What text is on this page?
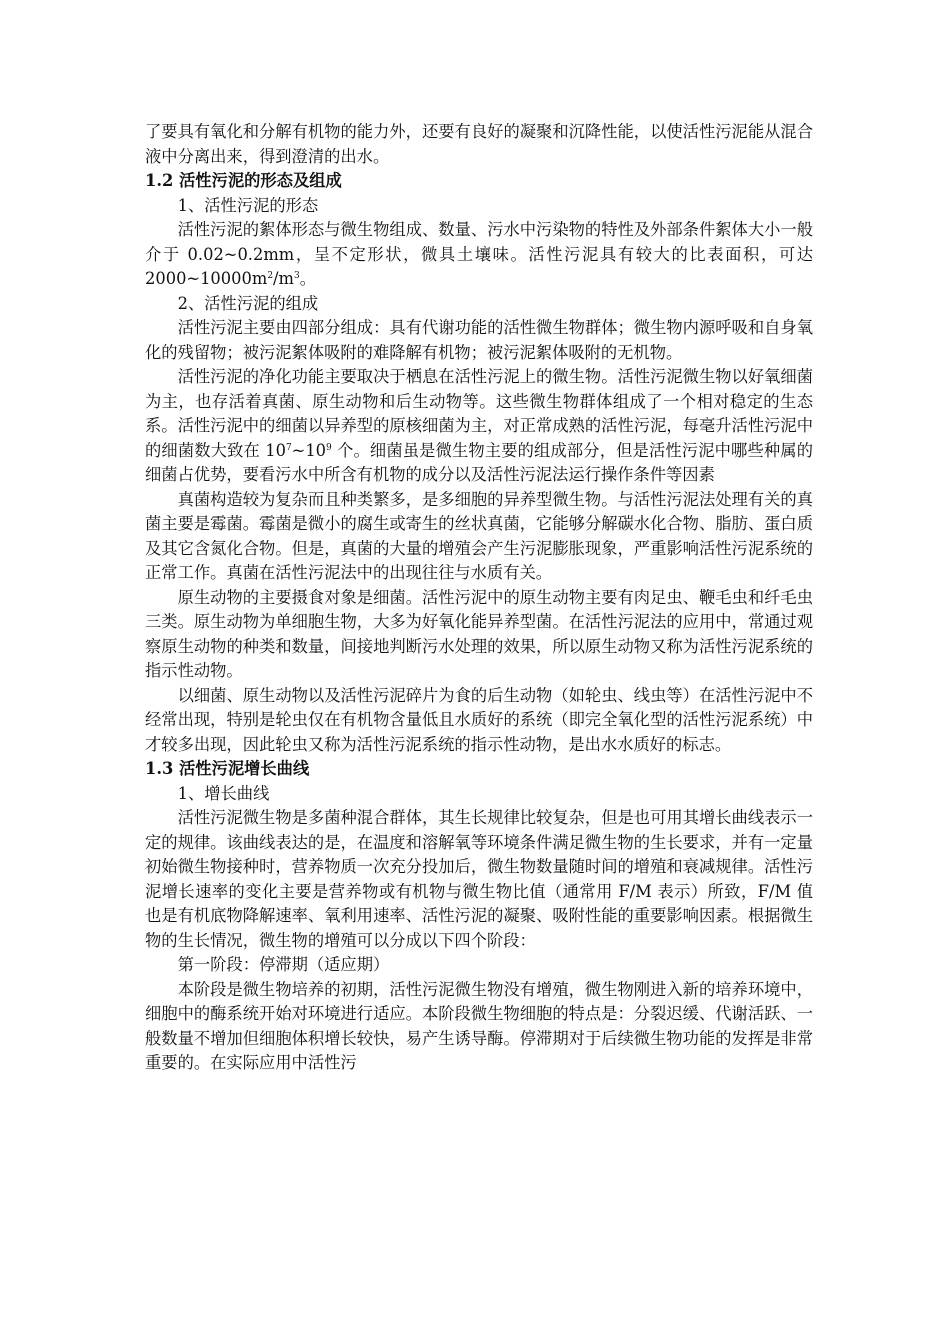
了要具有氧化和分解有机物的能力外，还要有良好的凝聚和沉降性能，以使活性污泥能从混合液中分离出来，得到澄清的出水。

1.2 活性污泥的形态及组成

1、活性污泥的形态

活性污泥的絮体形态与微生物组成、数量、污水中污染物的特性及外部条件絮体大小一般介于 0.02~0.2mm，呈不定形状，微具土壤味。活性污泥具有较大的比表面积，可达 $2000\sim 10000m^2/m^3$。

2、活性污泥的组成

活性污泥主要由四部分组成：具有代谢功能的活性微生物群体；微生物内源呼吸和自身氧化的残留物；被污泥絮体吸附的难降解有机物；被污泥絮体吸附的无机物。

活性污泥的净化功能主要取决于栖息在活性污泥上的微生物。活性污泥微生物以好氧细菌为主，也存活着真菌、原生动物和后生动物等。这些微生物群体组成了一个相对稳定的生态系。活性污泥中的细菌以异养型的原核细菌为主，对正常成熟的活性污泥，每毫升活性污泥中的细菌数大致在 $10^7\sim 10^9$ 个。细菌虽是微生物主要的组成部分，但是活性污泥中哪些种属的细菌占优势，要看污水中所含有机物的成分以及活性污泥法运行操作条件等因素

真菌构造较为复杂而且种类繁多，是多细胞的异养型微生物。与活性污泥法处理有关的真菌主要是霉菌。霉菌是微小的腐生或寄生的丝状真菌，它能够分解碳水化合物、脂肪、蛋白质及其它含氮化合物。但是，真菌的大量的增殖会产生污泥膨胀现象，严重影响活性污泥系统的正常工作。真菌在活性污泥法中的出现往往与水质有关。

原生动物的主要摄食对象是细菌。活性污泥中的原生动物主要有肉足虫、鞭毛虫和纤毛虫三类。原生动物为单细胞生物，大多为好氧化能异养型菌。在活性污泥法的应用中，常通过观察原生动物的种类和数量，间接地判断污水处理的效果，所以原生动物又称为活性污泥系统的指示性动物。

以细菌、原生动物以及活性污泥碎片为食的后生动物（如轮虫、线虫等）在活性污泥中不经常出现，特别是轮虫仅在有机物含量低且水质好的系统（即完全氧化型的活性污泥系统）中才较多出现，因此轮虫又称为活性污泥系统的指示性动物，是出水水质好的标志。

1.3 活性污泥增长曲线

1、增长曲线

活性污泥微生物是多菌种混合群体，其生长规律比较复杂，但是也可用其增长曲线表示一定的规律。该曲线表达的是，在温度和溶解氧等环境条件满足微生物的生长要求，并有一定量初始微生物接种时，营养物质一次充分投加后，微生物数量随时间的增殖和衰减规律。活性污泥增长速率的变化主要是营养物或有机物与微生物比值（通常用 F/M 表示）所致，F/M 值也是有机底物降解速率、氧利用速率、活性污泥的凝聚、吸附性能的重要影响因素。根据微生物的生长情况，微生物的增殖可以分成以下四个阶段：

第一阶段：停滞期（适应期）

本阶段是微生物培养的初期，活性污泥微生物没有增殖，微生物刚进入新的培养环境中，细胞中的酶系统开始对环境进行适应。本阶段微生物细胞的特点是：分裂迟缓、代谢活跃、一般数量不增加但细胞体积增长较快，易产生诱导酶。停滞期对于后续微生物功能的发挥是非常重要的。在实际应用中活性污
